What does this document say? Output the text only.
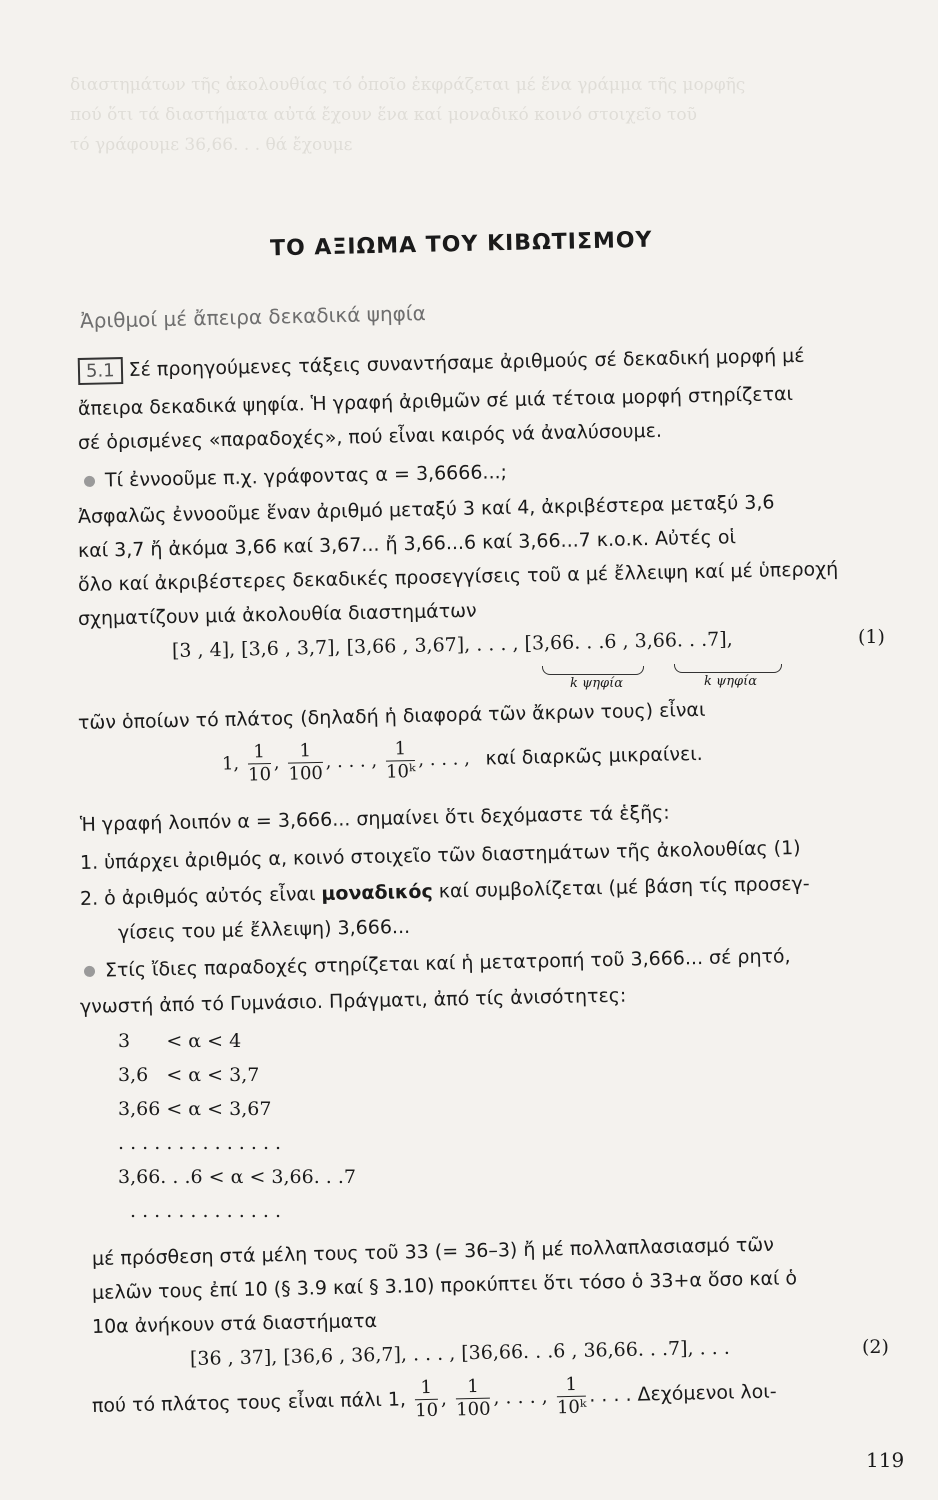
διαστημάτων τῆς ἀκολουθίας τό ὁποῖο ἐκφράζεται μέ ἕνα γράμμα τῆς μορφῆς
πού ὅτι τά διαστήματα αὐτά ἔχουν ἕνα καί μοναδικό κοινό στοιχεῖο τοῦ
τό γράφουμε 36,66. . . θά ἔχουμε
ΤΟ ΑΞΙΩΜΑ ΤΟΥ ΚΙΒΩΤΙΣΜΟΥ
Ἀριθμοί μέ ἄπειρα δεκαδικά ψηφία
5.1 Σέ προηγούμενες τάξεις συναντήσαμε ἀριθμούς σέ δεκαδική μορφή μέ
ἄπειρα δεκαδικά ψηφία. Ἡ γραφή ἀριθμῶν σέ μιά τέτοια μορφή στηρίζεται
σέ ὁρισμένες «παραδοχές», πού εἶναι καιρός νά ἀναλύσουμε.
Τί ἐννοοῦμε π.χ. γράφοντας α = 3,6666...;
Ἀσφαλῶς ἐννοοῦμε ἕναν ἀριθμό μεταξύ 3 καί 4, ἀκριβέστερα μεταξύ 3,6
καί 3,7 ἤ ἀκόμα 3,66 καί 3,67... ἤ 3,66...6 καί 3,66...7 κ.ο.κ. Αὐτές οἱ
ὅλο καί ἀκριβέστερες δεκαδικές προσεγγίσεις τοῦ α μέ ἔλλειψη καί μέ ὑπεροχή
σχηματίζουν μιά ἀκολουθία διαστημάτων
[3 , 4], [3,6 , 3,7], [3,66 , 3,67], . . . , [3,66. . .6 , 3,66. . .7],	(1)
k ψηφία	k ψηφία
τῶν ὁποίων τό πλάτος (δηλαδή ἡ διαφορά τῶν ἄκρων τους) εἶναι
1, $\frac{1}{10}$ , $\frac{1}{100}$ , . . . , $\frac{1}{\text{10ᵏ}}$ , . . . , καί διαρκῶς μικραίνει.
Ἡ γραφή λοιπόν α = 3,666... σημαίνει ὅτι δεχόμαστε τά ἑξῆς:
1. ὑπάρχει ἀριθμός α, κοινό στοιχεῖο τῶν διαστημάτων τῆς ἀκολουθίας (1)
2. ὁ ἀριθμός αὐτός εἶναι μοναδικός καί συμβολίζεται (μέ βάση τίς προσεγ-
γίσεις του μέ ἔλλειψη) 3,666...
Στίς ἴδιες παραδοχές στηρίζεται καί ἡ μετατροπή τοῦ 3,666... σέ ρητό,
γνωστή ἀπό τό Γυμνάσιο. Πράγματι, ἀπό τίς ἀνισότητες:
3      < α < 4
3,6   < α < 3,7
3,66 < α < 3,67
. . . . . . . . . . . . . .
3,66. . .6 < α < 3,66. . .7
. . . . . . . . . . . . .
μέ πρόσθεση στά μέλη τους τοῦ 33 (= 36–3) ἤ μέ πολλαπλασιασμό τῶν
μελῶν τους ἐπί 10 (§ 3.9 καί § 3.10) προκύπτει ὅτι τόσο ὁ 33+α ὅσο καί ὁ
10α ἀνήκουν στά διαστήματα
[36 , 37], [36,6 , 36,7], . . . , [36,66. . .6 , 36,66. . .7], . . .	(2)
πού τό πλάτος τους εἶναι πάλι 1, $\frac{1}{10}$ , $\frac{1}{100}$ , . . . , $\frac{1}{\text{10ᵏ}}$ . . . . Δεχόμενοι λοι-
119
